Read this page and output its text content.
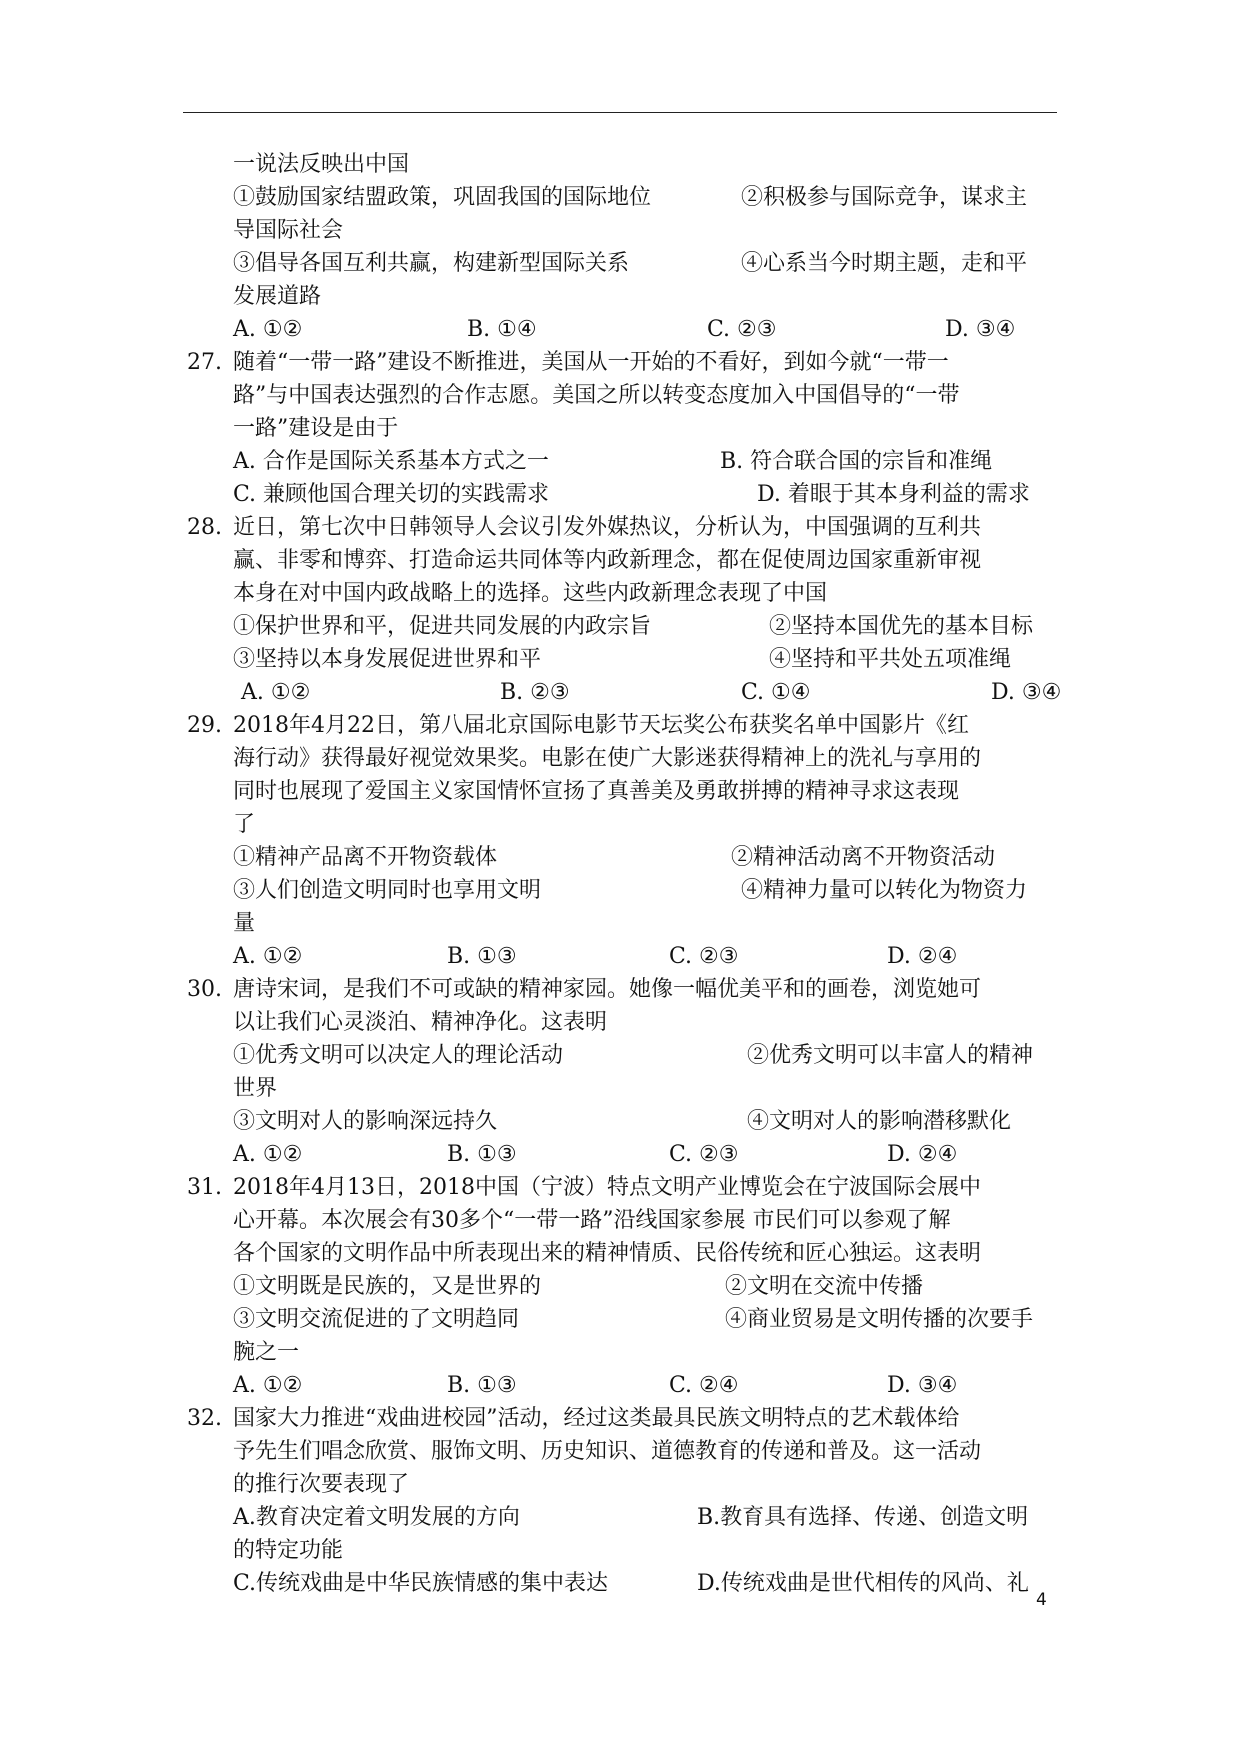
一说法反映出中国
①鼓励国家结盟政策，巩固我国的国际地位	②积极参与国际竞争，谋求主
导国际社会
③倡导各国互利共赢，构建新型国际关系	④心系当今时期主题，走和平
发展道路
A. ①②	B. ①④	C. ②③	D. ③④
27. 随着“一带一路”建设不断推进，美国从一开始的不看好，到如今就“一带一
路”与中国表达强烈的合作志愿。美国之所以转变态度加入中国倡导的“一带
一路”建设是由于
A. 合作是国际关系基本方式之一	B. 符合联合国的宗旨和准绳
C. 兼顾他国合理关切的实践需求	D. 着眼于其本身利益的需求
28. 近日，第七次中日韩领导人会议引发外媒热议，分析认为，中国强调的互利共
赢、非零和博弈、打造命运共同体等内政新理念，都在促使周边国家重新审视
本身在对中国内政战略上的选择。这些内政新理念表现了中国
①保护世界和平，促进共同发展的内政宗旨	②坚持本国优先的基本目标
③坚持以本身发展促进世界和平	④坚持和平共处五项准绳
A. ①②	B. ②③	C. ①④	D. ③④
29. 2018年4月22日，第八届北京国际电影节天坛奖公布获奖名单中国影片《红
海行动》获得最好视觉效果奖。电影在使广大影迷获得精神上的洗礼与享用的
同时也展现了爱国主义家国情怀宣扬了真善美及勇敢拼搏的精神寻求这表现
了
①精神产品离不开物资载体	②精神活动离不开物资活动
③人们创造文明同时也享用文明	④精神力量可以转化为物资力
量
A. ①②	B. ①③	C. ②③	D. ②④
30. 唐诗宋词，是我们不可或缺的精神家园。她像一幅优美平和的画卷，浏览她可
以让我们心灵淡泊、精神净化。这表明
①优秀文明可以决定人的理论活动	②优秀文明可以丰富人的精神
世界
③文明对人的影响深远持久	④文明对人的影响潜移默化
A. ①②	B. ①③	C. ②③	D. ②④
31. 2018年4月13日，2018中国（宁波）特点文明产业博览会在宁波国际会展中
心开幕。本次展会有30多个“一带一路”沿线国家参展 市民们可以参观了解
各个国家的文明作品中所表现出来的精神情质、民俗传统和匠心独运。这表明
①文明既是民族的，又是世界的	②文明在交流中传播
③文明交流促进的了文明趋同	④商业贸易是文明传播的次要手
腕之一
A. ①②	B. ①③	C. ②④	D. ③④
32. 国家大力推进“戏曲进校园”活动，经过这类最具民族文明特点的艺术载体给
予先生们唱念欣赏、服饰文明、历史知识、道德教育的传递和普及。这一活动
的推行次要表现了
A.教育决定着文明发展的方向	B.教育具有选择、传递、创造文明
的特定功能
C.传统戏曲是中华民族情感的集中表达	D.传统戏曲是世代相传的风尚、礼
4
